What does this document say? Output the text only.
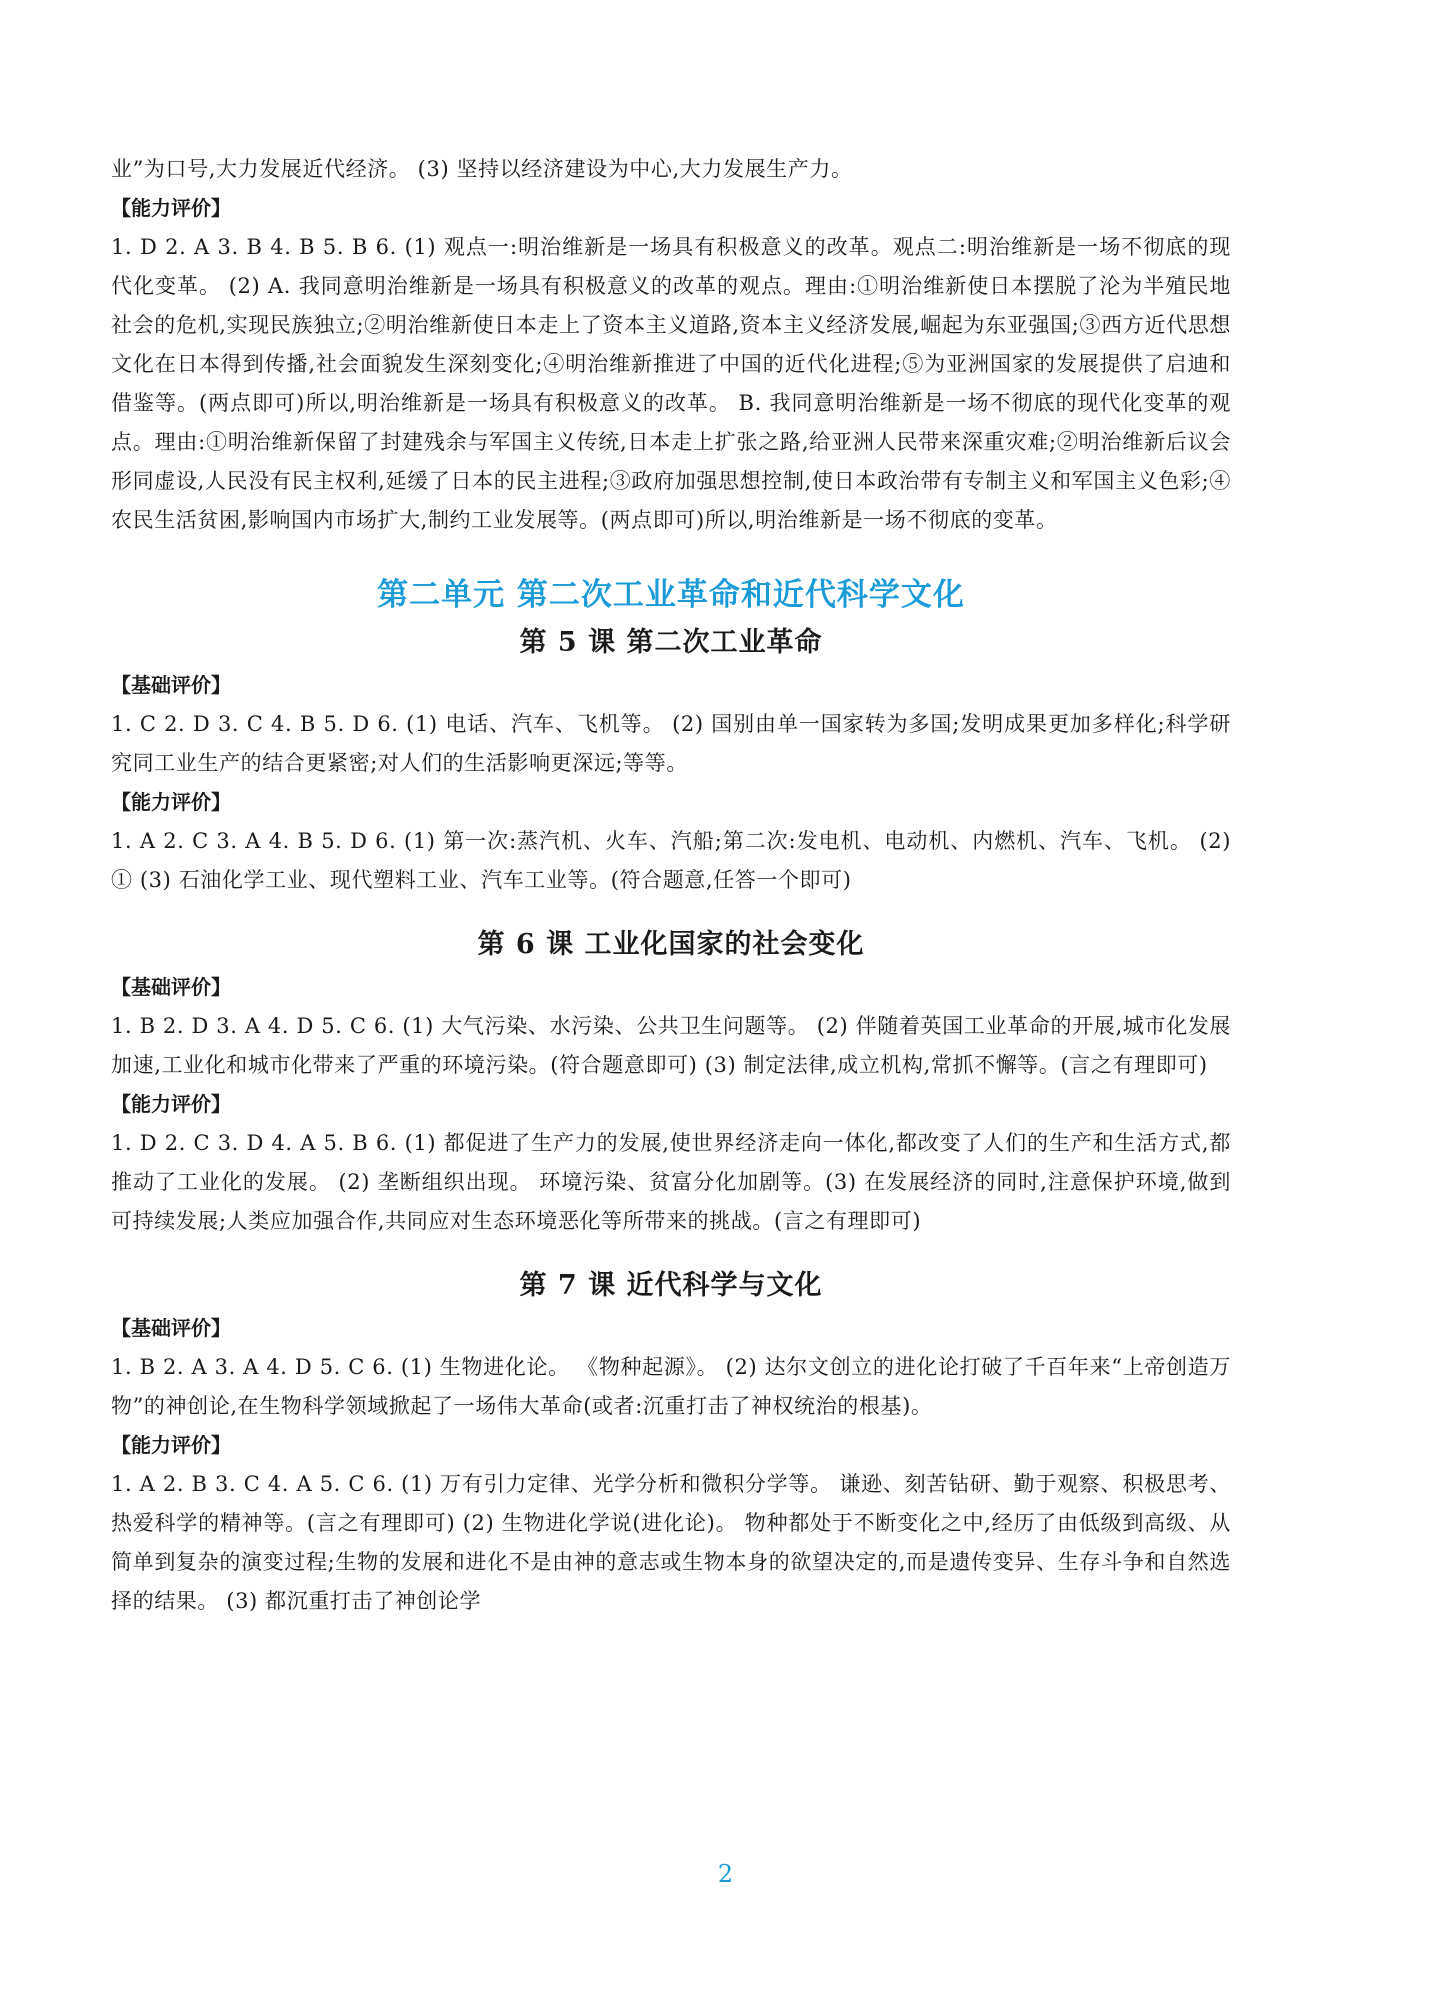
业”为口号,大力发展近代经济。 (3) 坚持以经济建设为中心,大力发展生产力。

【能力评价】

1. D 2. A 3. B 4. B 5. B 6. (1) 观点一:明治维新是一场具有积极意义的改革。观点二:明治维新是一场不彻底的现代化变革。 (2) A. 我同意明治维新是一场具有积极意义的改革的观点。理由:①明治维新使日本摆脱了沦为半殖民地社会的危机,实现民族独立;②明治维新使日本走上了资本主义道路,资本主义经济发展,崛起为东亚强国;③西方近代思想文化在日本得到传播,社会面貌发生深刻变化;④明治维新推进了中国的近代化进程;⑤为亚洲国家的发展提供了启迪和借鉴等。(两点即可)所以,明治维新是一场具有积极意义的改革。 B. 我同意明治维新是一场不彻底的现代化变革的观点。理由:①明治维新保留了封建残余与军国主义传统,日本走上扩张之路,给亚洲人民带来深重灾难;②明治维新后议会形同虚设,人民没有民主权利,延缓了日本的民主进程;③政府加强思想控制,使日本政治带有专制主义和军国主义色彩;④农民生活贫困,影响国内市场扩大,制约工业发展等。(两点即可)所以,明治维新是一场不彻底的变革。

第二单元 第二次工业革命和近代科学文化
第 5 课 第二次工业革命

【基础评价】

1. C 2. D 3. C 4. B 5. D 6. (1) 电话、汽车、飞机等。 (2) 国别由单一国家转为多国;发明成果更加多样化;科学研究同工业生产的结合更紧密;对人们的生活影响更深远;等等。

【能力评价】

1. A 2. C 3. A 4. B 5. D 6. (1) 第一次:蒸汽机、火车、汽船;第二次:发电机、电动机、内燃机、汽车、飞机。 (2) ① (3) 石油化学工业、现代塑料工业、汽车工业等。(符合题意,任答一个即可)

第 6 课 工业化国家的社会变化

【基础评价】

1. B 2. D 3. A 4. D 5. C 6. (1) 大气污染、水污染、公共卫生问题等。 (2) 伴随着英国工业革命的开展,城市化发展加速,工业化和城市化带来了严重的环境污染。(符合题意即可) (3) 制定法律,成立机构,常抓不懈等。(言之有理即可)

【能力评价】

1. D 2. C 3. D 4. A 5. B 6. (1) 都促进了生产力的发展,使世界经济走向一体化,都改变了人们的生产和生活方式,都推动了工业化的发展。 (2) 垄断组织出现。 环境污染、贫富分化加剧等。(3) 在发展经济的同时,注意保护环境,做到可持续发展;人类应加强合作,共同应对生态环境恶化等所带来的挑战。(言之有理即可)

第 7 课 近代科学与文化

【基础评价】

1. B 2. A 3. A 4. D 5. C 6. (1) 生物进化论。 《物种起源》。 (2) 达尔文创立的进化论打破了千百年来“上帝创造万物”的神创论,在生物科学领域掀起了一场伟大革命(或者:沉重打击了神权统治的根基)。

【能力评价】

1. A 2. B 3. C 4. A 5. C 6. (1) 万有引力定律、光学分析和微积分学等。 谦逊、刻苦钻研、勤于观察、积极思考、热爱科学的精神等。(言之有理即可) (2) 生物进化学说(进化论)。 物种都处于不断变化之中,经历了由低级到高级、从简单到复杂的演变过程;生物的发展和进化不是由神的意志或生物本身的欲望决定的,而是遗传变异、生存斗争和自然选择的结果。 (3) 都沉重打击了神创论学

2
